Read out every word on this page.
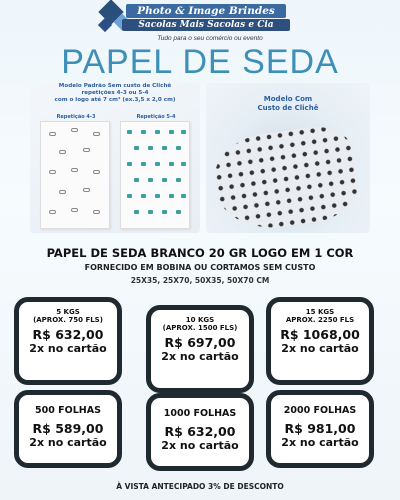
Photo & Image Brindes
Sacolas Mais Sacolas e Cia
Tudo para o seu comércio ou evento
PAPEL DE SEDA
Modelo Padrão Sem custo de Clichê
repetições 4-3 ou 5-4
com o logo até 7 cm² (ex.3,5 x 2,0 cm)
Repetição 4-3	Repetição 5-4
Modelo Com
Custo de Clichê
PAPEL DE SEDA BRANCO 20 GR LOGO EM 1 COR
FORNECIDO EM BOBINA OU CORTAMOS SEM CUSTO
25X35, 25X70, 50X35, 50X70 CM
5 KGS
(APROX. 750 FLS)
R$ 632,00
2x no cartão
10 KGS
(APROX. 1500 FLS)
R$ 697,00
2x no cartão
15 KGS
APROX. 2250 FLS
R$ 1068,00
2x no cartão
500 FOLHAS
R$ 589,00
2x no cartão
1000 FOLHAS
R$ 632,00
2x no cartão
2000 FOLHAS
R$ 981,00
2x no cartão
À VISTA ANTECIPADO 3% DE DESCONTO
